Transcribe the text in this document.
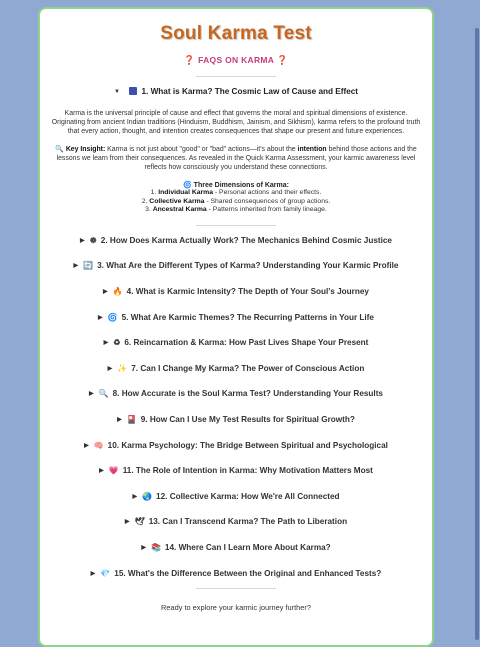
Soul Karma Test
❓ FAQS ON KARMA ❓
▼	1. What is Karma? The Cosmic Law of Cause and Effect

Karma is the universal principle of cause and effect that governs the moral and spiritual dimensions of existence. Originating from ancient Indian traditions (Hinduism, Buddhism, Jainism, and Sikhism), karma refers to the profound truth that every action, thought, and intention creates consequences that shape our present and future experiences.

🔍 Key Insight: Karma is not just about "good" or "bad" actions—it's about the intention behind those actions and the lessons we learn from their consequences. As revealed in the Quick Karma Assessment, your karmic awareness level reflects how consciously you understand these connections.

🌀 Three Dimensions of Karma:
1. Individual Karma - Personal actions and their effects.
2. Collective Karma - Shared consequences of group actions.
3. Ancestral Karma - Patterns inherited from family lineage.
▶ ☸ 2. How Does Karma Actually Work? The Mechanics Behind Cosmic Justice
▶ 🔄 3. What Are the Different Types of Karma? Understanding Your Karmic Profile
▶ 🔥 4. What is Karmic Intensity? The Depth of Your Soul's Journey
▶ 🌀 5. What Are Karmic Themes? The Recurring Patterns in Your Life
▶ ♻ 6. Reincarnation & Karma: How Past Lives Shape Your Present
▶ ✨ 7. Can I Change My Karma? The Power of Conscious Action
▶ 🔍 8. How Accurate is the Soul Karma Test? Understanding Your Results
▶ 🎴 9. How Can I Use My Test Results for Spiritual Growth?
▶ 🧠 10. Karma Psychology: The Bridge Between Spiritual and Psychological
▶ 💗 11. The Role of Intention in Karma: Why Motivation Matters Most
▶ 🌏 12. Collective Karma: How We're All Connected
▶ 🕊 13. Can I Transcend Karma? The Path to Liberation
▶ 📚 14. Where Can I Learn More About Karma?
▶ 💎 15. What's the Difference Between the Original and Enhanced Tests?
Ready to explore your karmic journey further?
